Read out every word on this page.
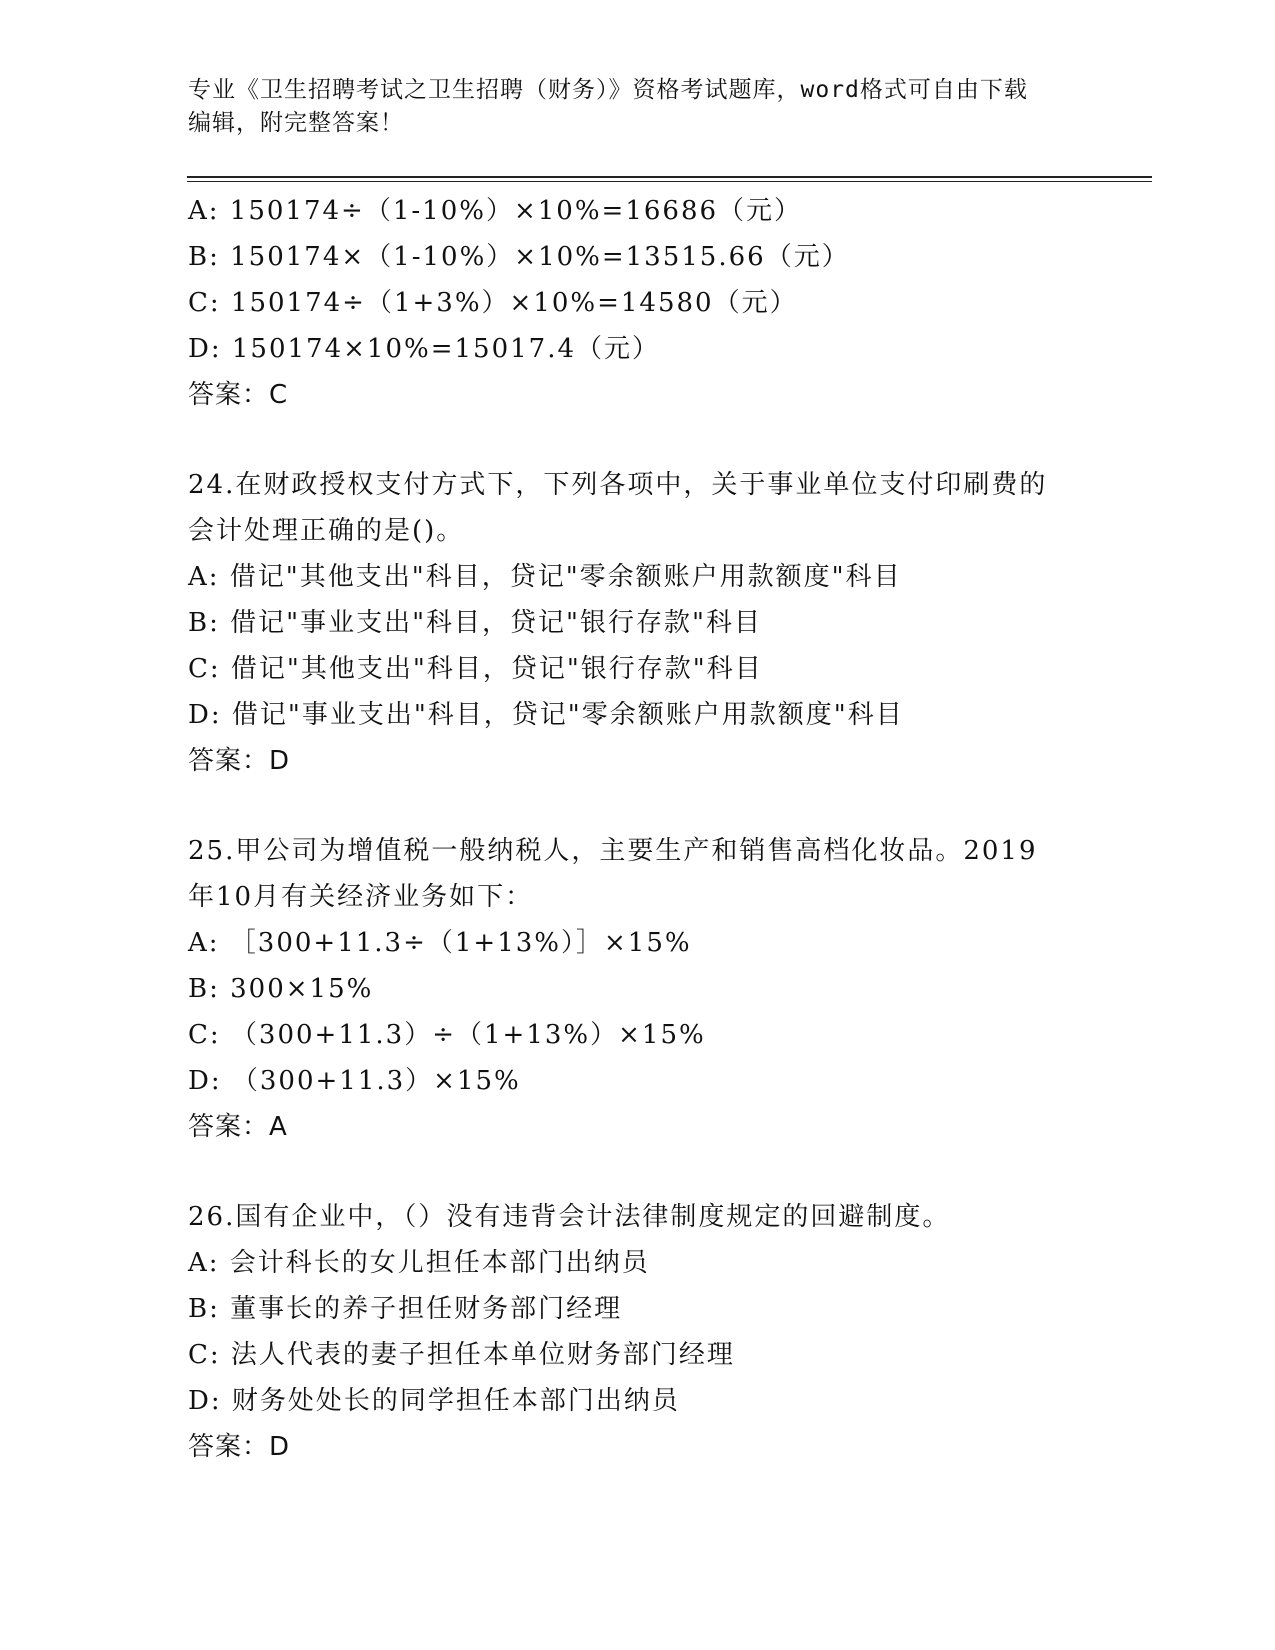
专业《卫生招聘考试之卫生招聘（财务）》资格考试题库，word格式可自由下载
编辑，附完整答案！
A: 150174÷（1-10%）×10%=16686（元）
B: 150174×（1-10%）×10%=13515.66（元）
C: 150174÷（1+3%）×10%=14580（元）
D: 150174×10%=15017.4（元）
答案：C
24.在财政授权支付方式下，下列各项中，关于事业单位支付印刷费的
会计处理正确的是()。
A: 借记"其他支出"科目，贷记"零余额账户用款额度"科目
B: 借记"事业支出"科目，贷记"银行存款"科目
C: 借记"其他支出"科目，贷记"银行存款"科目
D: 借记"事业支出"科目，贷记"零余额账户用款额度"科目
答案：D
25.甲公司为增值税一般纳税人，主要生产和销售高档化妆品。2019
年10月有关经济业务如下：
A: ［300+11.3÷（1+13%）］×15%
B: 300×15%
C: （300+11.3）÷（1+13%）×15%
D: （300+11.3）×15%
答案：A
26.国有企业中，（）没有违背会计法律制度规定的回避制度。
A: 会计科长的女儿担任本部门出纳员
B: 董事长的养子担任财务部门经理
C: 法人代表的妻子担任本单位财务部门经理
D: 财务处处长的同学担任本部门出纳员
答案：D
